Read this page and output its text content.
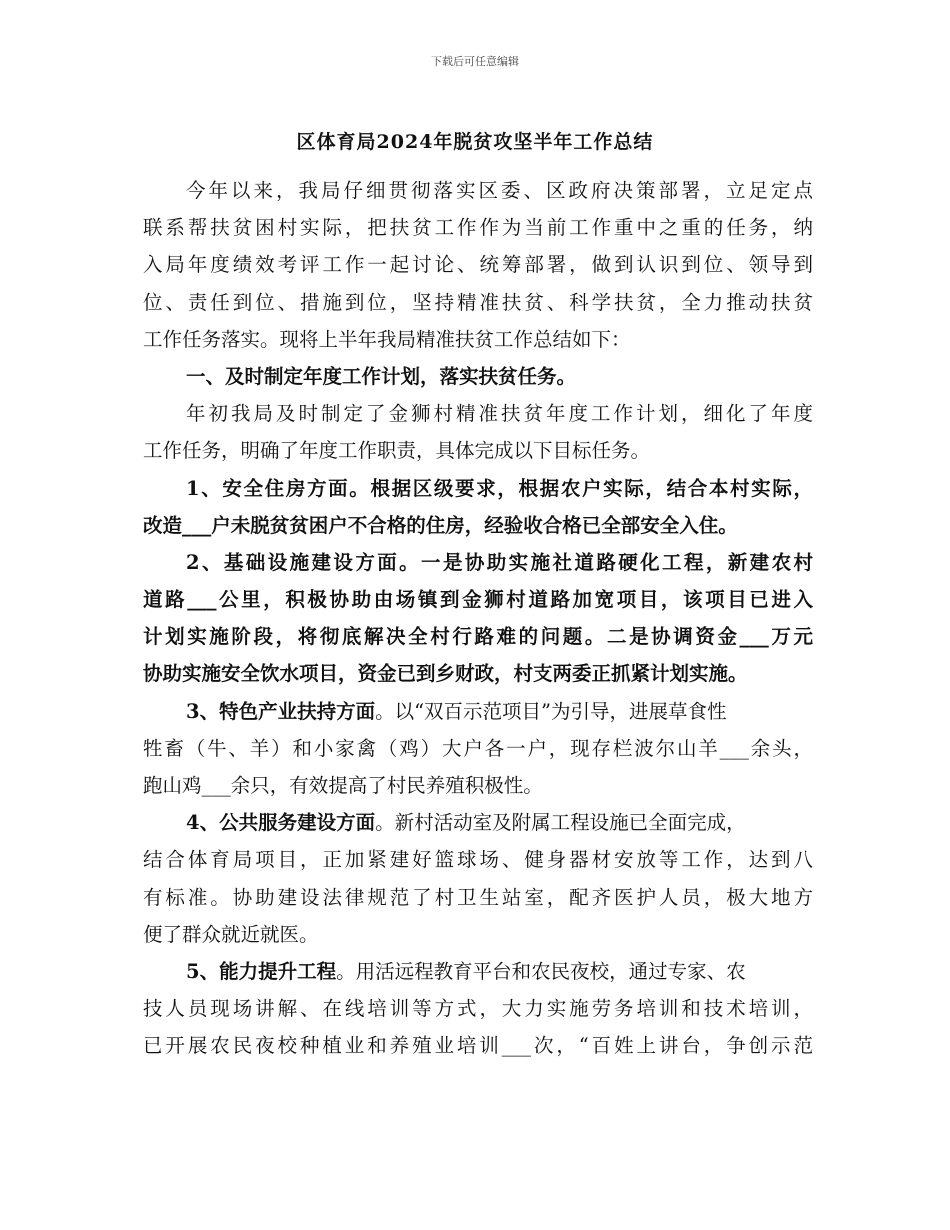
下载后可任意编辑
区体育局2024年脱贫攻坚半年工作总结
今年以来，我局仔细贯彻落实区委、区政府决策部署，立足定点
联系帮扶贫困村实际，把扶贫工作作为当前工作重中之重的任务，纳
入局年度绩效考评工作一起讨论、统筹部署，做到认识到位、领导到
位、责任到位、措施到位，坚持精准扶贫、科学扶贫，全力推动扶贫
工作任务落实。现将上半年我局精准扶贫工作总结如下：
一、及时制定年度工作计划，落实扶贫任务。
年初我局及时制定了金狮村精准扶贫年度工作计划，细化了年度
工作任务，明确了年度工作职责，具体完成以下目标任务。
1、安全住房方面。根据区级要求，根据农户实际，结合本村实际，
改造___户未脱贫贫困户不合格的住房，经验收合格已全部安全入住。
2、基础设施建设方面。一是协助实施社道路硬化工程，新建农村
道路___公里，积极协助由场镇到金狮村道路加宽项目，该项目已进入
计划实施阶段，将彻底解决全村行路难的问题。二是协调资金___万元
协助实施安全饮水项目，资金已到乡财政，村支两委正抓紧计划实施。
3、特色产业扶持方面。以“双百示范项目”为引导，进展草食性
牲畜（牛、羊）和小家禽（鸡）大户各一户，现存栏波尔山羊___余头，
跑山鸡___余只，有效提高了村民养殖积极性。
4、公共服务建设方面。新村活动室及附属工程设施已全面完成，
结合体育局项目，正加紧建好篮球场、健身器材安放等工作，达到八
有标准。协助建设法律规范了村卫生站室，配齐医护人员，极大地方
便了群众就近就医。
5、能力提升工程。用活远程教育平台和农民夜校，通过专家、农
技人员现场讲解、在线培训等方式，大力实施劳务培训和技术培训，
已开展农民夜校种植业和养殖业培训___次，“百姓上讲台，争创示范
